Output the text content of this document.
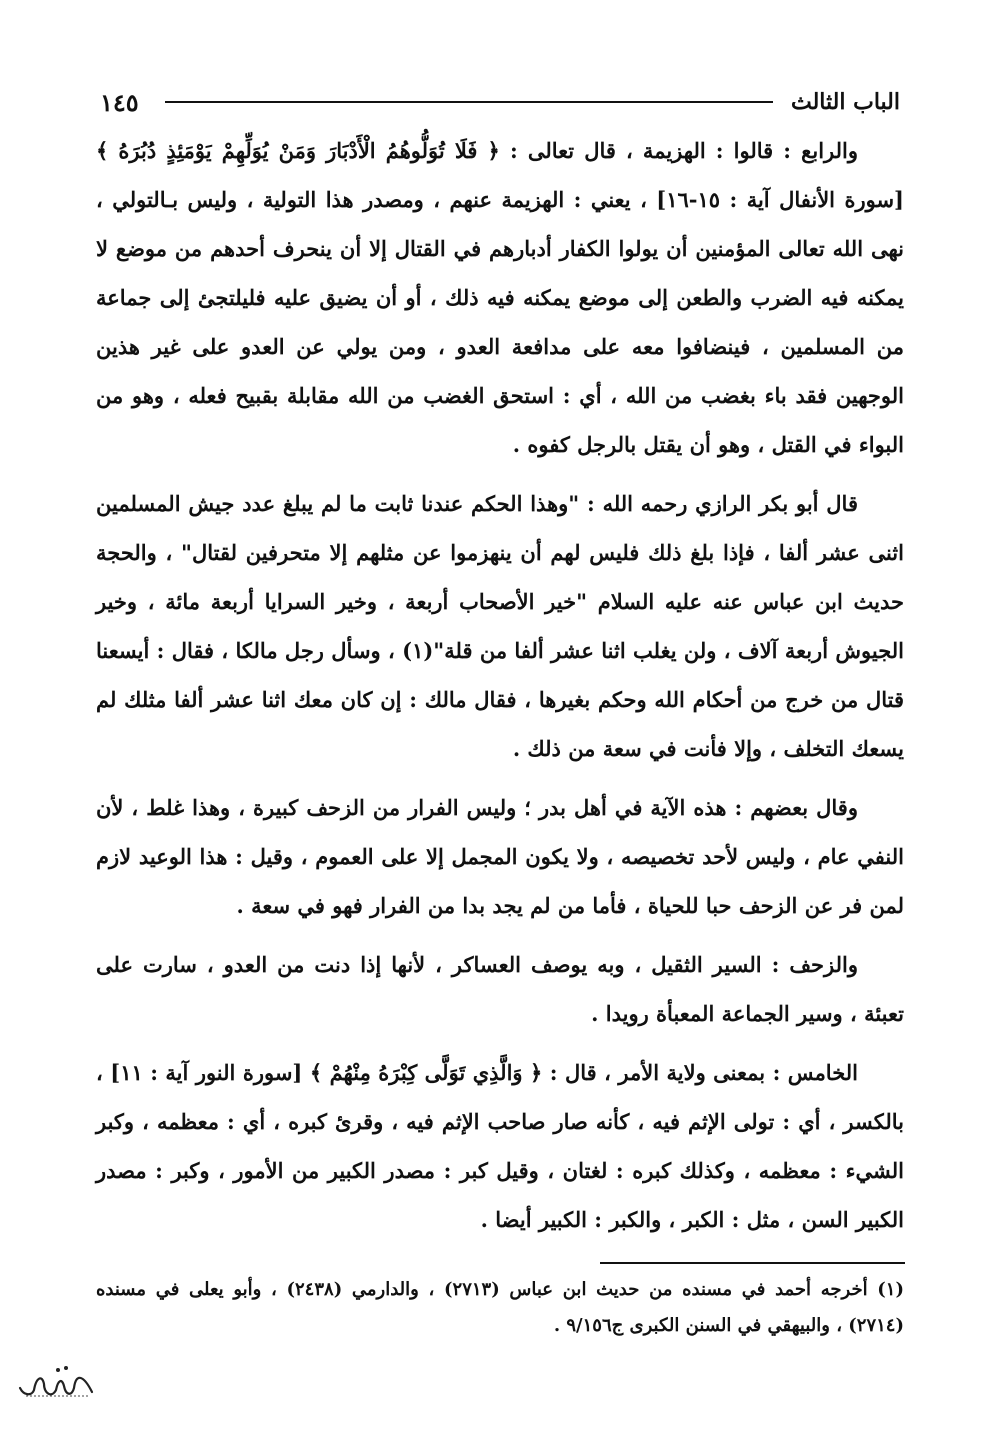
الباب الثالث
١٤٥

والرابع : قالوا : الهزيمة ، قال تعالى : ﴿ فَلَا تُوَلُّوهُمُ الْأَدْبَارَ وَمَنْ يُوَلِّهِمْ يَوْمَئِذٍ دُبُرَهُ ﴾ [سورة الأنفال آية : ١٥-١٦] ، يعني : الهزيمة عنهم ، ومصدر هذا التولية ، وليس بـالتولي ، نهى الله تعالى المؤمنين أن يولوا الكفار أدبارهم في القتال إلا أن ينحرف أحدهم من موضع لا يمكنه فيه الضرب والطعن إلى موضع يمكنه فيه ذلك ، أو أن يضيق عليه فليلتجئ إلى جماعة من المسلمين ، فينضافوا معه على مدافعة العدو ، ومن يولي عن العدو على غير هذين الوجهين فقد باء بغضب من الله ، أي : استحق الغضب من الله مقابلة بقبيح فعله ، وهو من البواء في القتل ، وهو أن يقتل بالرجل كفوه .

قال أبو بكر الرازي رحمه الله : "وهذا الحكم عندنا ثابت ما لم يبلغ عدد جيش المسلمين اثنى عشر ألفا ، فإذا بلغ ذلك فليس لهم أن ينهزموا عن مثلهم إلا متحرفين لقتال" ، والحجة حديث ابن عباس عنه عليه السلام "خير الأصحاب أربعة ، وخير السرايا أربعة مائة ، وخير الجيوش أربعة آلاف ، ولن يغلب اثنا عشر ألفا من قلة"(١) ، وسأل رجل مالكا ، فقال : أيسعنا قتال من خرج من أحكام الله وحكم بغيرها ، فقال مالك : إن كان معك اثنا عشر ألفا مثلك لم يسعك التخلف ، وإلا فأنت في سعة من ذلك .

وقال بعضهم : هذه الآية في أهل بدر ؛ وليس الفرار من الزحف كبيرة ، وهذا غلط ، لأن النفي عام ، وليس لأحد تخصيصه ، ولا يكون المجمل إلا على العموم ، وقيل : هذا الوعيد لازم لمن فر عن الزحف حبا للحياة ، فأما من لم يجد بدا من الفرار فهو في سعة .

والزحف : السير الثقيل ، وبه يوصف العساكر ، لأنها إذا دنت من العدو ، سارت على تعبئة ، وسير الجماعة المعبأة رويدا .

الخامس : بمعنى ولاية الأمر ، قال : ﴿ وَالَّذِي تَوَلَّى كِبْرَهُ مِنْهُمْ ﴾ [سورة النور آية : ١١] ، بالكسر ، أي : تولى الإثم فيه ، كأنه صار صاحب الإثم فيه ، وقرئ كبره ، أي : معظمه ، وكبر الشيء : معظمه ، وكذلك كبره : لغتان ، وقيل كبر : مصدر الكبير من الأمور ، وكبر : مصدر الكبير السن ، مثل : الكبر ، والكبر : الكبير أيضا .

(١) أخرجه أحمد في مسنده من حديث ابن عباس (٢٧١٣) ، والدارمي (٢٤٣٨) ، وأبو يعلى في مسنده (٢٧١٤) ، والبيهقي في السنن الكبرى ج٩/١٥٦ .
